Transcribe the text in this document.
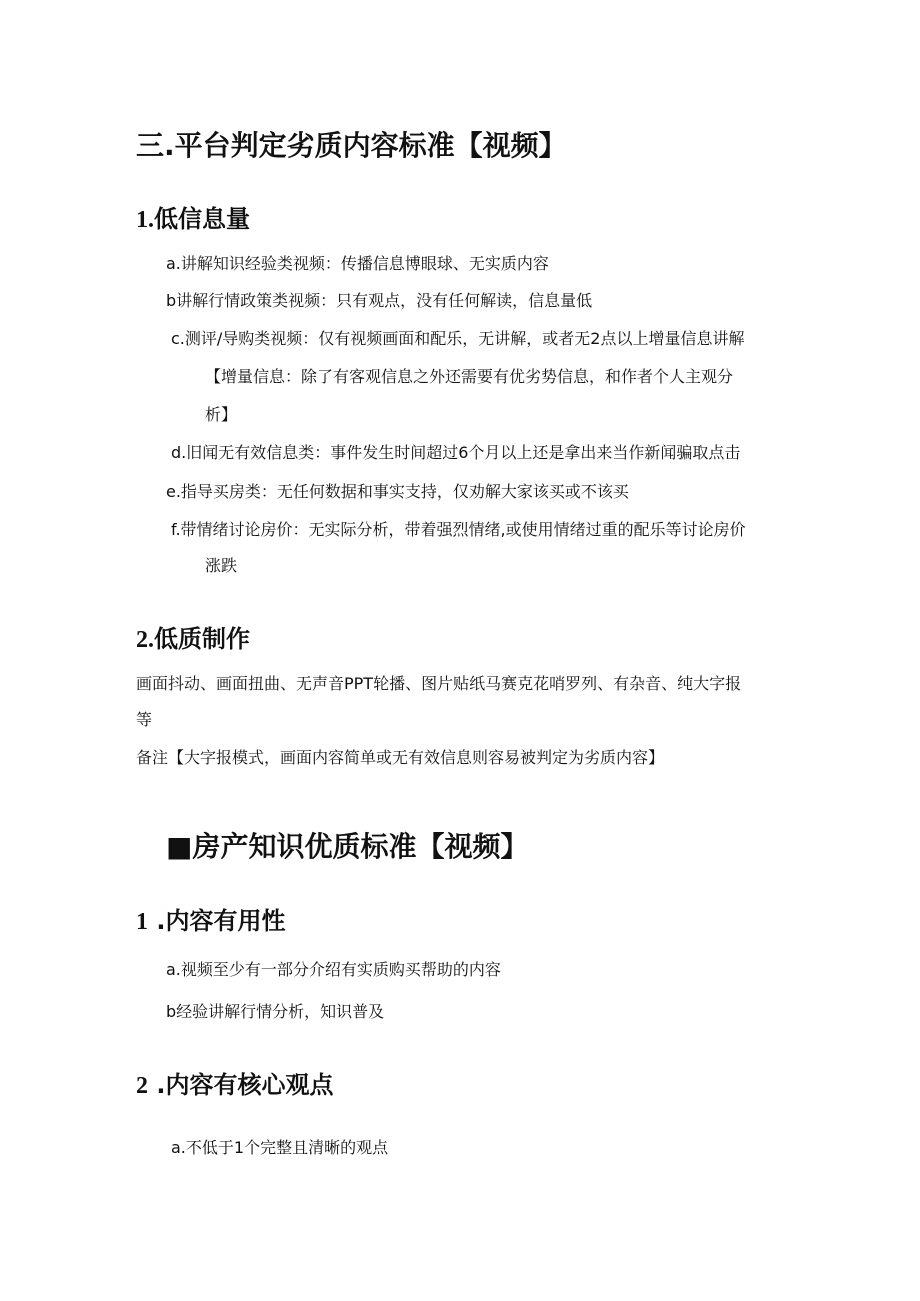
三.平台判定劣质内容标准【视频】
1.低信息量

a.讲解知识经验类视频：传播信息博眼球、无实质内容

b讲解行情政策类视频：只有观点，没有任何解读，信息量低

c.测评/导购类视频：仅有视频画面和配乐，无讲解，或者无2点以上增量信息讲解

【增量信息：除了有客观信息之外还需要有优劣势信息，和作者个人主观分

析】

d.旧闻无有效信息类：事件发生时间超过6个月以上还是拿出来当作新闻骗取点击

e.指导买房类：无任何数据和事实支持，仅劝解大家该买或不该买

f.带情绪讨论房价：无实际分析，带着强烈情绪,或使用情绪过重的配乐等讨论房价

涨跌

2.低质制作

画面抖动、画面扭曲、无声音PPT轮播、图片贴纸马赛克花哨罗列、有杂音、纯大字报

等

备注【大字报模式，画面内容简单或无有效信息则容易被判定为劣质内容】

■房产知识优质标准【视频】
1 .内容有用性

a.视频至少有一部分介绍有实质购买帮助的内容

b经验讲解行情分析，知识普及

2 .内容有核心观点

a.不低于1个完整且清晰的观点
